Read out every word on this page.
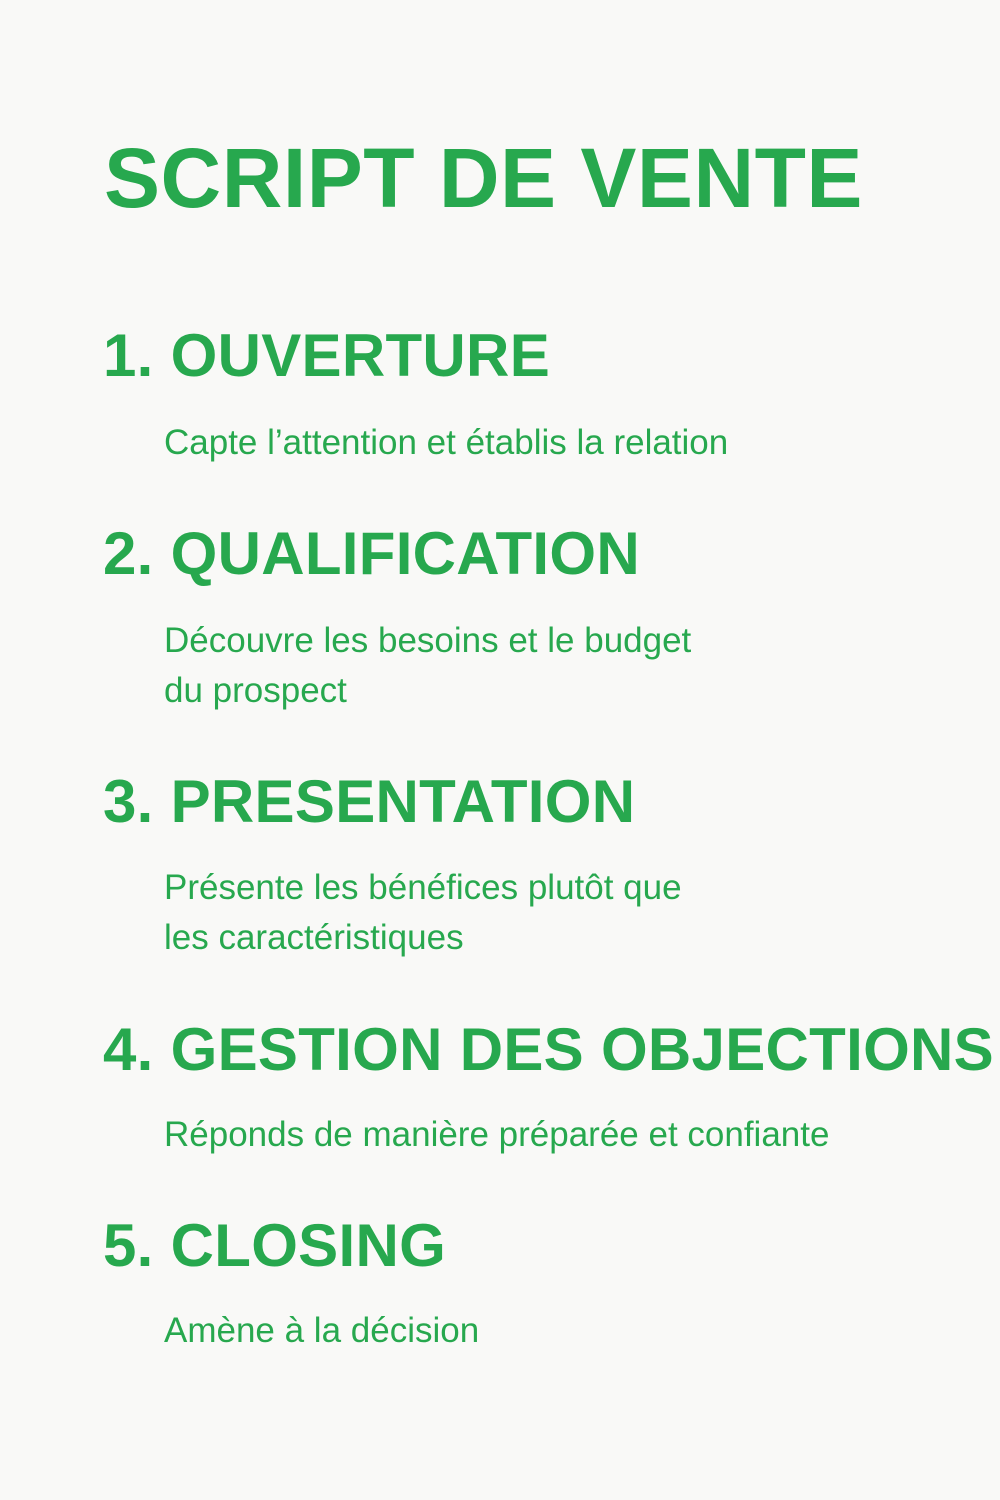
SCRIPT DE VENTE
1. OUVERTURE

Capte l’attention et établis la relation

2. QUALIFICATION

Découvre les besoins et le budget
du prospect

3. PRESENTATION

Présente les bénéfices plutôt que
les caractéristiques

4. GESTION DES OBJECTIONS

Réponds de manière préparée et confiante

5. CLOSING

Amène à la décision
